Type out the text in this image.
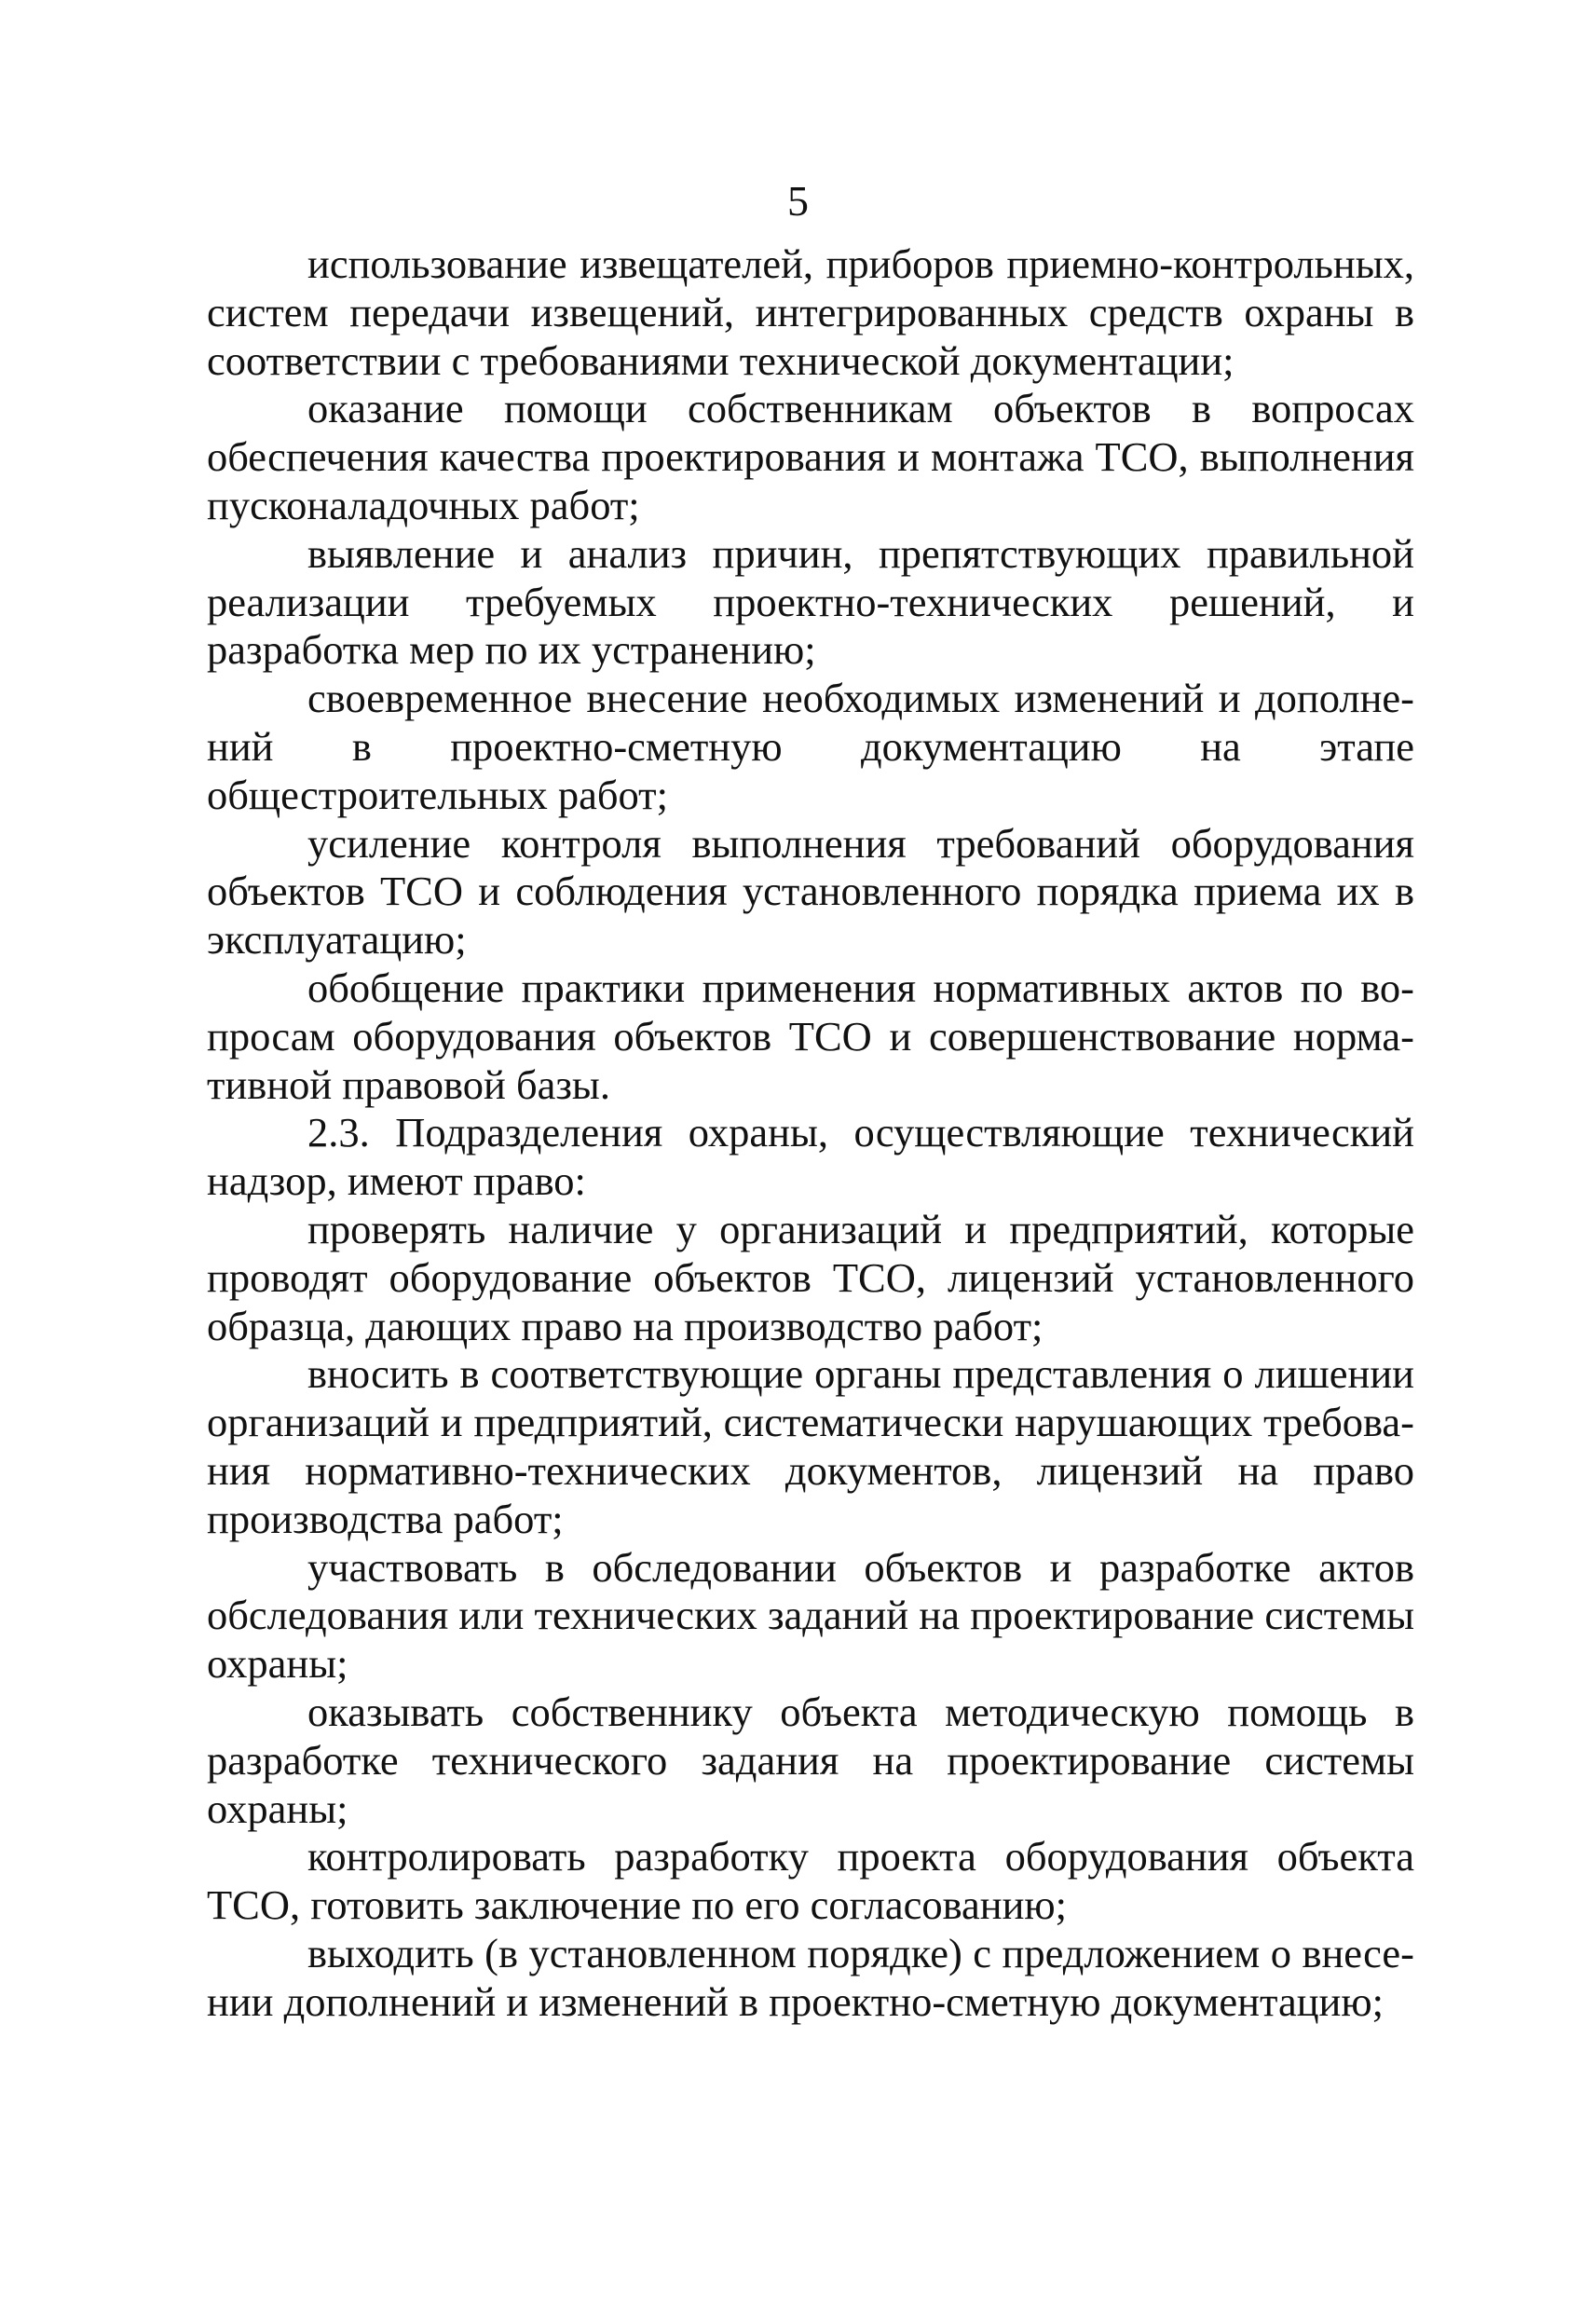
5

использование извещателей, приборов приемно-контрольных, систем передачи извещений, интегрированных средств охраны в соответствии с требованиями технической документации;

оказание помощи собственникам объектов в вопросах обеспечения качества проектирования и монтажа ТСО, выполнения пусконаладочных работ;

выявление и анализ причин, препятствующих правильной реализации требуемых проектно-технических решений, и разработка мер по их устранению;

своевременное внесение необходимых изменений и дополнений в проектно-сметную документацию на этапе общестроительных работ;

усиление контроля выполнения требований оборудования объектов ТСО и соблюдения установленного порядка приема их в эксплуатацию;

обобщение практики применения нормативных актов по вопросам оборудования объектов ТСО и совершенствование нормативной правовой базы.

2.3. Подразделения охраны, осуществляющие технический надзор, имеют право:

проверять наличие у организаций и предприятий, которые проводят оборудование объектов ТСО, лицензий установленного образца, дающих право на производство работ;

вносить в соответствующие органы представления о лишении организаций и предприятий, систематически нарушающих требования нормативно-технических документов, лицензий на право производства работ;

участвовать в обследовании объектов и разработке актов обследования или технических заданий на проектирование системы охраны;

оказывать собственнику объекта методическую помощь в разработке технического задания на проектирование системы охраны;

контролировать разработку проекта оборудования объекта ТСО, готовить заключение по его согласованию;

выходить (в установленном порядке) с предложением о внесении дополнений и изменений в проектно-сметную документацию;
